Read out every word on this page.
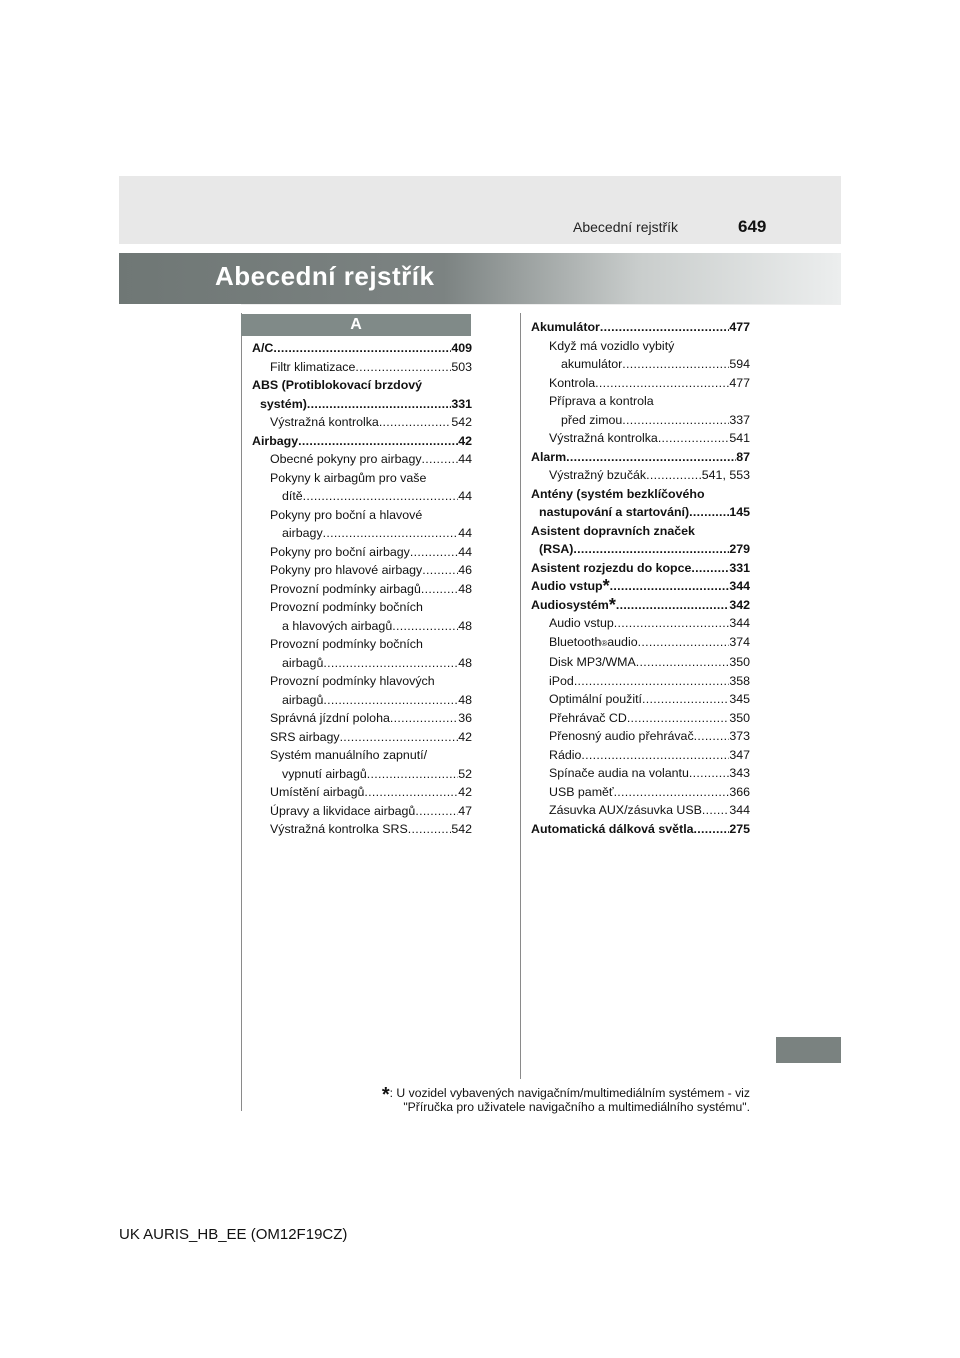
Abecední rejstřík	649
Abecední rejstřík
A
A/C .....	409
Filtr klimatizace .....	503
ABS (Protiblokovací brzdový
systém) .....	331
Výstražná kontrolka .....	542
Airbagy .....	42
Obecné pokyny pro airbagy .....	44
Pokyny k airbagům pro vaše
dítě .....	44
Pokyny pro boční a hlavové
airbagy .....	44
Pokyny pro boční airbagy .....	44
Pokyny pro hlavové airbagy .....	46
Provozní podmínky airbagů .....	48
Provozní podmínky bočních
a hlavových airbagů .....	48
Provozní podmínky bočních
airbagů .....	48
Provozní podmínky hlavových
airbagů .....	48
Správná jízdní poloha .....	36
SRS airbagy .....	42
Systém manuálního zapnutí/
vypnutí airbagů .....	52
Umístění airbagů .....	42
Úpravy a likvidace airbagů .....	47
Výstražná kontrolka SRS .....	542
Akumulátor .....	477
Když má vozidlo vybitý
akumulátor .....	594
Kontrola .....	477
Příprava a kontrola
před zimou .....	337
Výstražná kontrolka .....	541
Alarm .....	87
Výstražný bzučák .....	541, 553
Antény (systém bezklíčového
nastupování a startování) .....	145
Asistent dopravních značek
(RSA) .....	279
Asistent rozjezdu do kopce .....	331
Audio vstup* .....	344
Audiosystém* .....	342
Audio vstup .....	344
Bluetooth ® audio .....	374
Disk MP3/WMA .....	350
iPod .....	358
Optimální použití .....	345
Přehrávač CD .....	350
Přenosný audio přehrávač .....	373
Rádio .....	347
Spínače audia na volantu .....	343
USB paměť .....	366
Zásuvka AUX/zásuvka USB ..... 344
Automatická dálková světla .....	275
*: U vozidel vybavených navigačním/multimediálním systémem - viz
"Příručka pro uživatele navigačního a multimediálního systému".
UK AURIS_HB_EE (OM12F19CZ)
